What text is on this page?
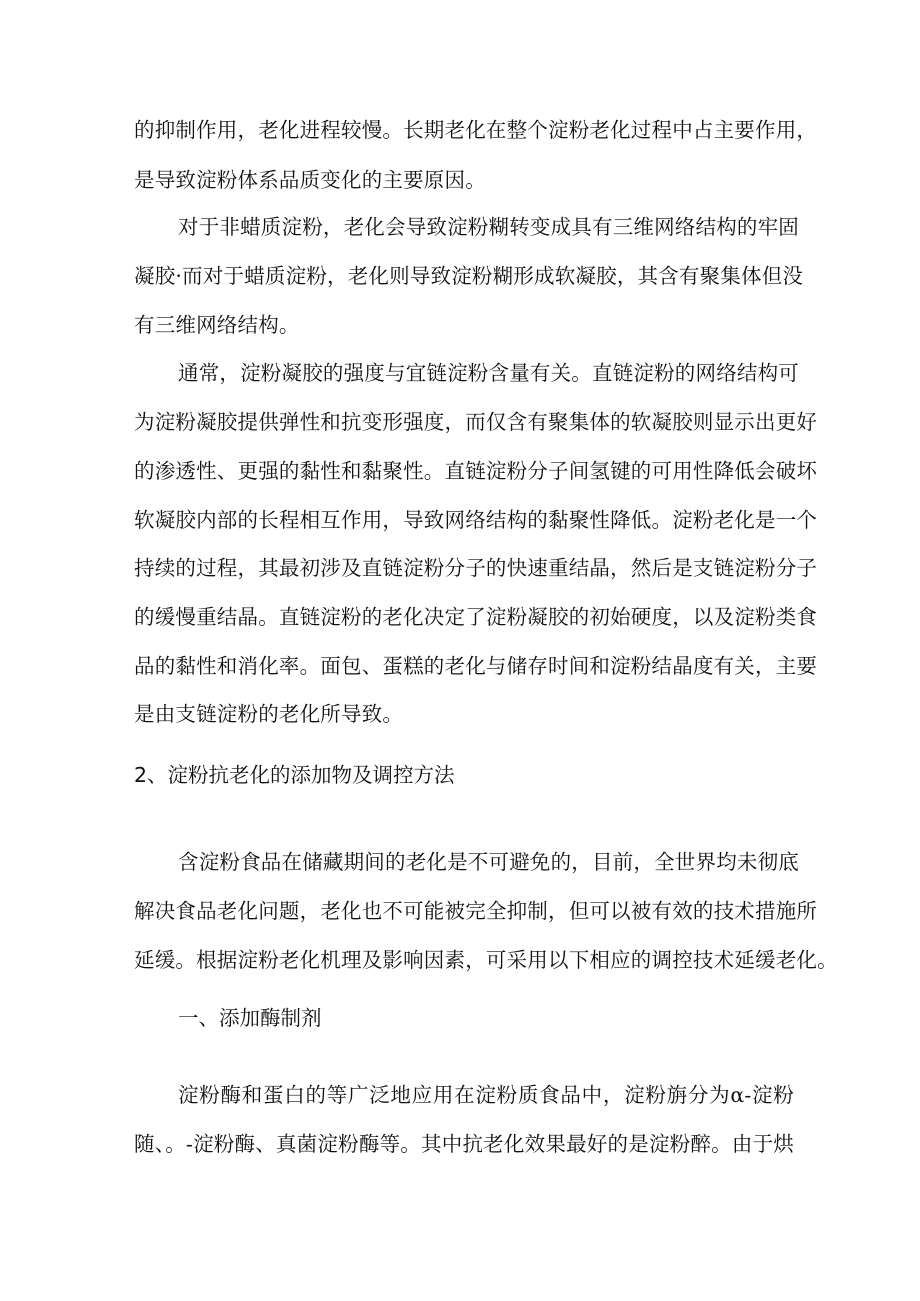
的抑制作用，老化进程较慢。长期老化在整个淀粉老化过程中占主要作用，
是导致淀粉体系品质变化的主要原因。
对于非蜡质淀粉，老化会导致淀粉糊转变成具有三维网络结构的牢固
凝胶·而对于蜡质淀粉，老化则导致淀粉糊形成软凝胶，其含有聚集体但没
有三维网络结构。
通常，淀粉凝胶的强度与宜链淀粉含量有关。直链淀粉的网络结构可
为淀粉凝胶提供弹性和抗变形强度，而仅含有聚集体的软凝胶则显示出更好
的渗透性、更强的黏性和黏聚性。直链淀粉分子间氢键的可用性降低会破坏
软凝胶内部的长程相互作用，导致网络结构的黏聚性降低。淀粉老化是一个
持续的过程，其最初涉及直链淀粉分子的快速重结晶，然后是支链淀粉分子
的缓慢重结晶。直链淀粉的老化决定了淀粉凝胶的初始硬度，以及淀粉类食
品的黏性和消化率。面包、蛋糕的老化与储存时间和淀粉结晶度有关，主要
是由支链淀粉的老化所导致。
2、淀粉抗老化的添加物及调控方法
含淀粉食品在储藏期间的老化是不可避免的，目前，全世界均未彻底
解决食品老化问题，老化也不可能被完全抑制，但可以被有效的技术措施所
延缓。根据淀粉老化机理及影响因素，可采用以下相应的调控技术延缓老化。
一、添加酶制剂
淀粉酶和蛋白的等广泛地应用在淀粉质食品中，淀粉旃分为α-淀粉
随、。-淀粉酶、真菌淀粉酶等。其中抗老化效果最好的是淀粉醉。由于烘
